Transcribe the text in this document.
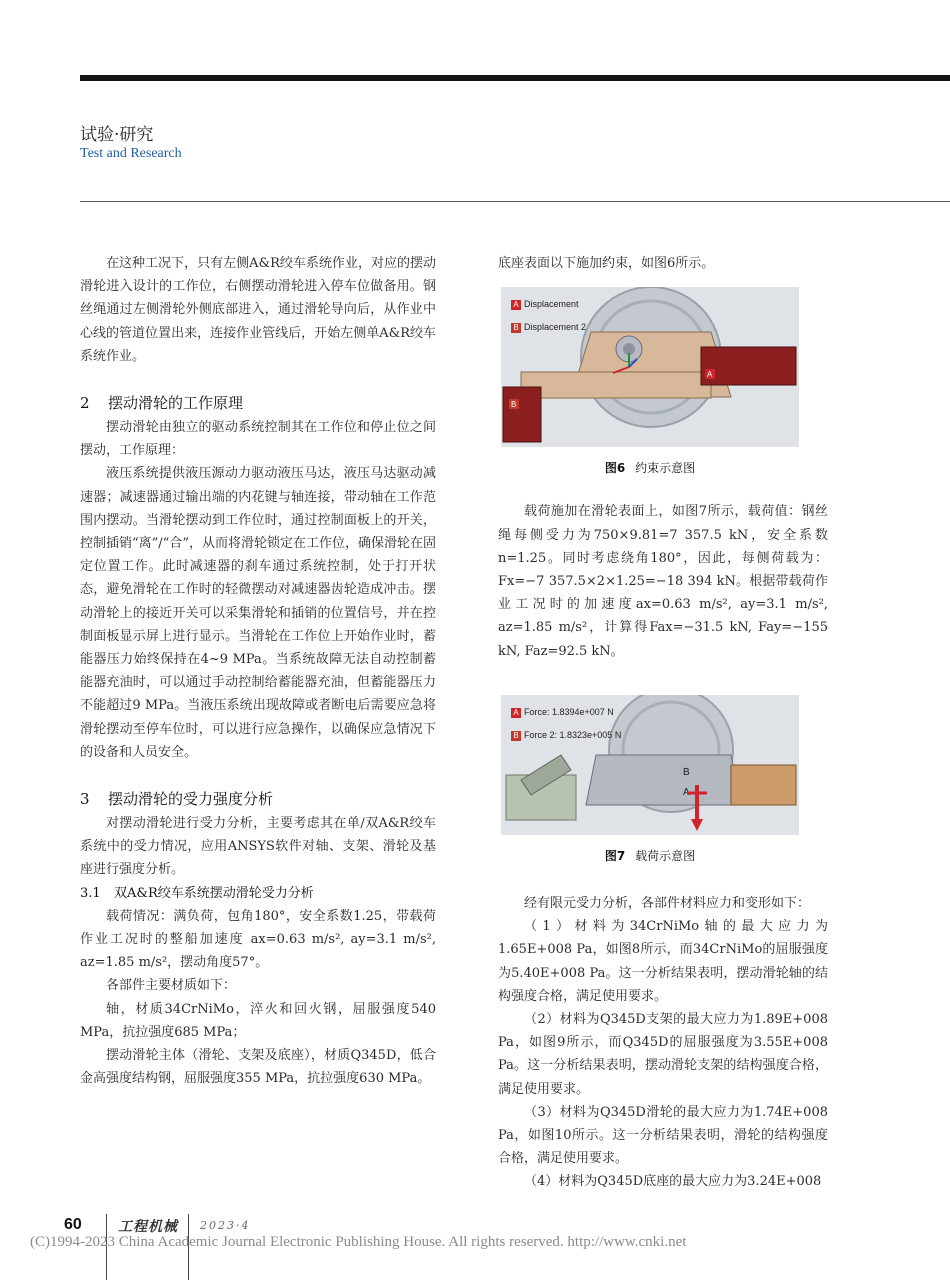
试验·研究
Test and Research

在这种工况下，只有左侧A&R绞车系统作业，对应的摆动滑轮进入设计的工作位，右侧摆动滑轮进入停车位做备用。钢丝绳通过左侧滑轮外侧底部进入，通过滑轮导向后，从作业中心线的管道位置出来，连接作业管线后，开始左侧单A&R绞车系统作业。

2 摆动滑轮的工作原理

摆动滑轮由独立的驱动系统控制其在工作位和停止位之间摆动，工作原理：

液压系统提供液压源动力驱动液压马达，液压马达驱动减速器；减速器通过输出端的内花键与轴连接，带动轴在工作范围内摆动。当滑轮摆动到工作位时，通过控制面板上的开关，控制插销“离”/“合”，从而将滑轮锁定在工作位，确保滑轮在固定位置工作。此时减速器的刹车通过系统控制，处于打开状态，避免滑轮在工作时的轻微摆动对减速器齿轮造成冲击。摆动滑轮上的接近开关可以采集滑轮和插销的位置信号，并在控制面板显示屏上进行显示。当滑轮在工作位上开始作业时，蓄能器压力始终保持在4~9 MPa。当系统故障无法自动控制蓄能器充油时，可以通过手动控制给蓄能器充油，但蓄能器压力不能超过9 MPa。当液压系统出现故障或者断电后需要应急将滑轮摆动至停车位时，可以进行应急操作，以确保应急情况下的设备和人员安全。

3 摆动滑轮的受力强度分析

对摆动滑轮进行受力分析，主要考虑其在单/双A&R绞车系统中的受力情况，应用ANSYS软件对轴、支架、滑轮及基座进行强度分析。

3.1 双A&R绞车系统摆动滑轮受力分析

载荷情况：满负荷，包角180°，安全系数1.25，带载荷作业工况时的整船加速度 ax=0.63 m/s², ay=3.1 m/s², az=1.85 m/s²，摆动角度57°。

各部件主要材质如下：

轴，材质34CrNiMo，淬火和回火钢，屈服强度540 MPa，抗拉强度685 MPa；

摆动滑轮主体（滑轮、支架及底座），材质Q345D，低合金高强度结构钢，屈服强度355 MPa，抗拉强度630 MPa。

底座表面以下施加约束，如图6所示。

A
B
A Displacement
B Displacement 2
图6 约束示意图

载荷施加在滑轮表面上，如图7所示，载荷值：钢丝绳每侧受力为750×9.81=7 357.5 kN，安全系数n=1.25。同时考虑绕角180°，因此，每侧荷载为：Fx=−7 357.5×2×1.25=−18 394 kN。根据带载荷作业工况时的加速度ax=0.63 m/s², ay=3.1 m/s², az=1.85 m/s²，计算得Fax=−31.5 kN, Fay=−155 kN, Faz=92.5 kN。

B
A
A Force: 1.8394e+007 N
B Force 2: 1.8323e+005 N
图7 载荷示意图

经有限元受力分析，各部件材料应力和变形如下：

（1）材料为34CrNiMo轴的最大应力为1.65E+008 Pa，如图8所示，而34CrNiMo的屈服强度为5.40E+008 Pa。这一分析结果表明，摆动滑轮轴的结构强度合格，满足使用要求。

（2）材料为Q345D支架的最大应力为1.89E+008 Pa，如图9所示，而Q345D的屈服强度为3.55E+008 Pa。这一分析结果表明，摆动滑轮支架的结构强度合格，满足使用要求。

（3）材料为Q345D滑轮的最大应力为1.74E+008 Pa，如图10所示。这一分析结果表明，滑轮的结构强度合格，满足使用要求。

（4）材料为Q345D底座的最大应力为3.24E+008

60	工程机械 2023·4
(C)1994-2023 China Academic Journal Electronic Publishing House. All rights reserved. http://www.cnki.net
